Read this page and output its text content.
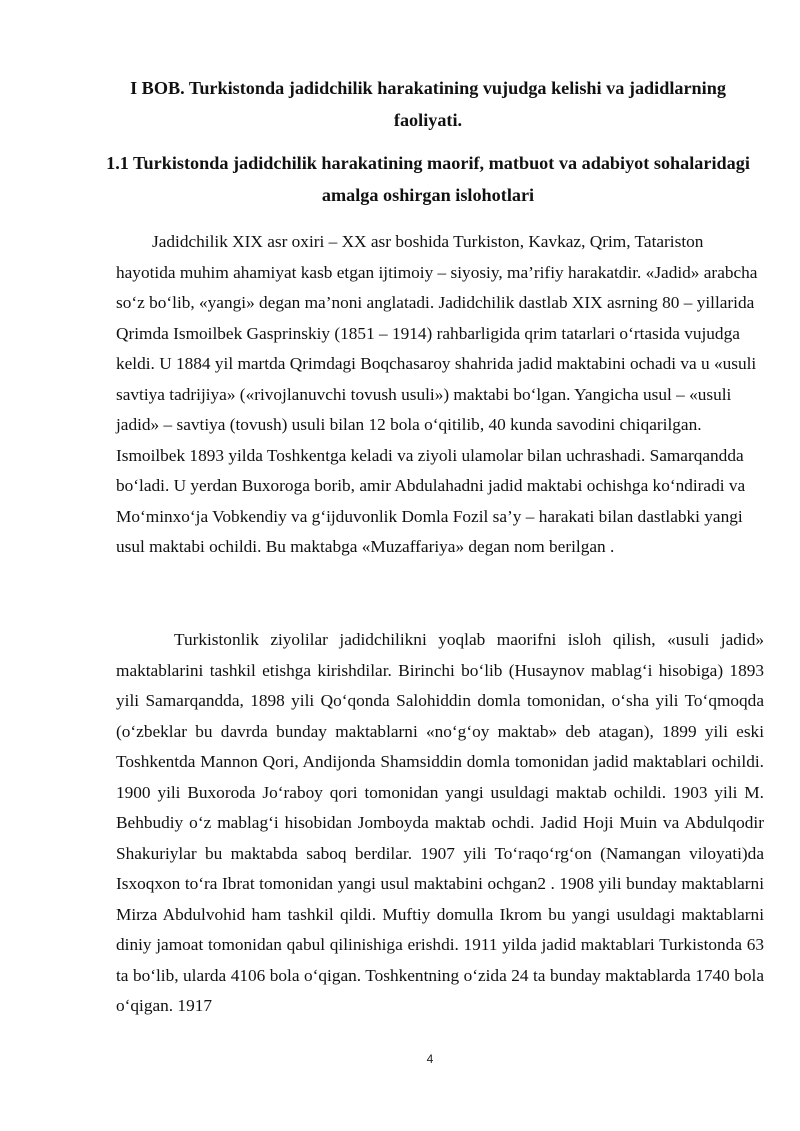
I BOB. Turkistonda jadidchilik harakatining vujudga kelishi va jadidlarning faoliyati.
1.1 Turkistonda jadidchilik harakatining maorif, matbuot va adabiyot sohalaridagi amalga oshirgan islohotlari

Jadidchilik XIX asr oxiri – XX asr boshida Turkiston, Kavkaz, Qrim, Tatariston hayotida muhim ahamiyat kasb etgan ijtimoiy – siyosiy, ma’rifiy harakatdir. «Jadid» arabcha so‘z bo‘lib, «yangi» degan ma’noni anglatadi. Jadidchilik dastlab XIX asrning 80 – yillarida Qrimda Ismoilbek Gasprinskiy (1851 – 1914) rahbarligida qrim tatarlari o‘rtasida vujudga keldi. U 1884 yil martda Qrimdagi Boqchasaroy shahrida jadid maktabini ochadi va u «usuli savtiya tadrijiya» («rivojlanuvchi tovush usuli») maktabi bo‘lgan. Yangicha usul – «usuli jadid» – savtiya (tovush) usuli bilan 12 bola o‘qitilib, 40 kunda savodini chiqarilgan. Ismoilbek 1893 yilda Toshkentga keladi va ziyoli ulamolar bilan uchrashadi. Samarqandda bo‘ladi. U yerdan Buxoroga borib, amir Abdulahadni jadid maktabi ochishga ko‘ndiradi va Mo‘minxo‘ja Vobkendiy va g‘ijduvonlik Domla Fozil sa’y – harakati bilan dastlabki yangi usul maktabi ochildi. Bu maktabga «Muzaffariya» degan nom berilgan .

Turkistonlik ziyolilar jadidchilikni yoqlab maorifni isloh qilish, «usuli jadid» maktablarini tashkil etishga kirishdilar. Birinchi bo‘lib (Husaynov mablag‘i hisobiga) 1893 yili Samarqandda, 1898 yili Qo‘qonda Salohiddin domla tomonidan, o‘sha yili To‘qmoqda (o‘zbeklar bu davrda bunday maktablarni «no‘g‘oy maktab» deb atagan), 1899 yili eski Toshkentda Mannon Qori, Andijonda Shamsiddin domla tomonidan jadid maktablari ochildi. 1900 yili Buxoroda Jo‘raboy qori tomonidan yangi usuldagi maktab ochildi. 1903 yili M. Behbudiy o‘z mablag‘i hisobidan Jomboyda maktab ochdi. Jadid Hoji Muin va Abdulqodir Shakuriylar bu maktabda saboq berdilar. 1907 yili To‘raqo‘rg‘on (Namangan viloyati)da Isxoqxon to‘ra Ibrat tomonidan yangi usul maktabini ochgan2 . 1908 yili bunday maktablarni Mirza Abdulvohid ham tashkil qildi. Muftiy domulla Ikrom bu yangi usuldagi maktablarni diniy jamoat tomonidan qabul qilinishiga erishdi. 1911 yilda jadid maktablari Turkistonda 63 ta bo‘lib, ularda 4106 bola o‘qigan. Toshkentning o‘zida 24 ta bunday maktablarda 1740 bola o‘qigan. 1917

4
